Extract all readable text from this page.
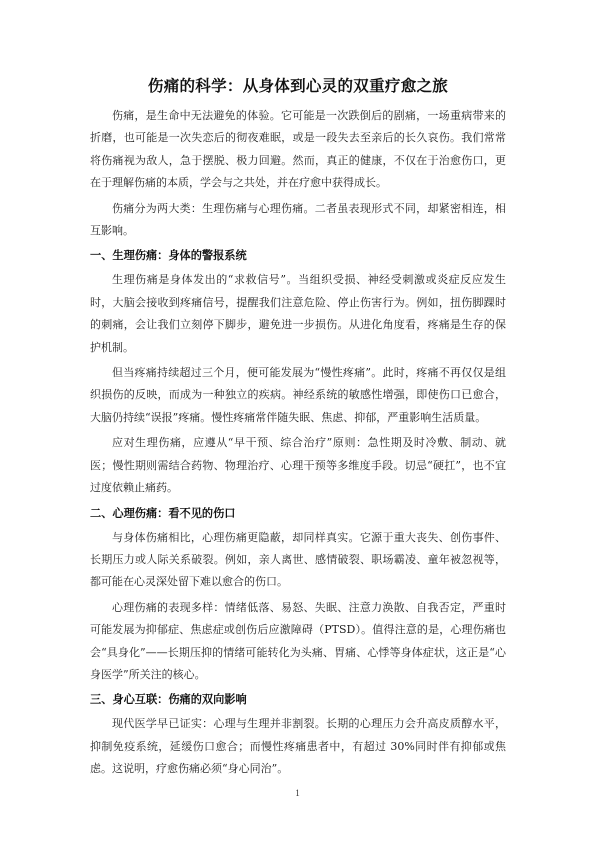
伤痛的科学：从身体到心灵的双重疗愈之旅

伤痛，是生命中无法避免的体验。它可能是一次跌倒后的剧痛，一场重病带来的折磨，也可能是一次失恋后的彻夜难眠，或是一段失去至亲后的长久哀伤。我们常常将伤痛视为敌人，急于摆脱、极力回避。然而，真正的健康，不仅在于治愈伤口，更在于理解伤痛的本质，学会与之共处，并在疗愈中获得成长。

伤痛分为两大类：生理伤痛与心理伤痛。二者虽表现形式不同，却紧密相连，相互影响。

一、生理伤痛：身体的警报系统

生理伤痛是身体发出的“求救信号”。当组织受损、神经受刺激或炎症反应发生时，大脑会接收到疼痛信号，提醒我们注意危险、停止伤害行为。例如，扭伤脚踝时的刺痛，会让我们立刻停下脚步，避免进一步损伤。从进化角度看，疼痛是生存的保护机制。

但当疼痛持续超过三个月，便可能发展为“慢性疼痛”。此时，疼痛不再仅仅是组织损伤的反映，而成为一种独立的疾病。神经系统的敏感性增强，即使伤口已愈合，大脑仍持续“误报”疼痛。慢性疼痛常伴随失眠、焦虑、抑郁，严重影响生活质量。

应对生理伤痛，应遵从“早干预、综合治疗”原则：急性期及时冷敷、制动、就医；慢性期则需结合药物、物理治疗、心理干预等多维度手段。切忌“硬扛”，也不宜过度依赖止痛药。

二、心理伤痛：看不见的伤口

与身体伤痛相比，心理伤痛更隐蔽，却同样真实。它源于重大丧失、创伤事件、长期压力或人际关系破裂。例如，亲人离世、感情破裂、职场霸凌、童年被忽视等，都可能在心灵深处留下难以愈合的伤口。

心理伤痛的表现多样：情绪低落、易怒、失眠、注意力涣散、自我否定，严重时可能发展为抑郁症、焦虑症或创伤后应激障碍（PTSD）。值得注意的是，心理伤痛也会“具身化”——长期压抑的情绪可能转化为头痛、胃痛、心悸等身体症状，这正是“心身医学”所关注的核心。

三、身心互联：伤痛的双向影响

现代医学早已证实：心理与生理并非割裂。长期的心理压力会升高皮质醇水平，抑制免疫系统，延缓伤口愈合；而慢性疼痛患者中，有超过 30%同时伴有抑郁或焦虑。这说明，疗愈伤痛必须“身心同治”。

1
